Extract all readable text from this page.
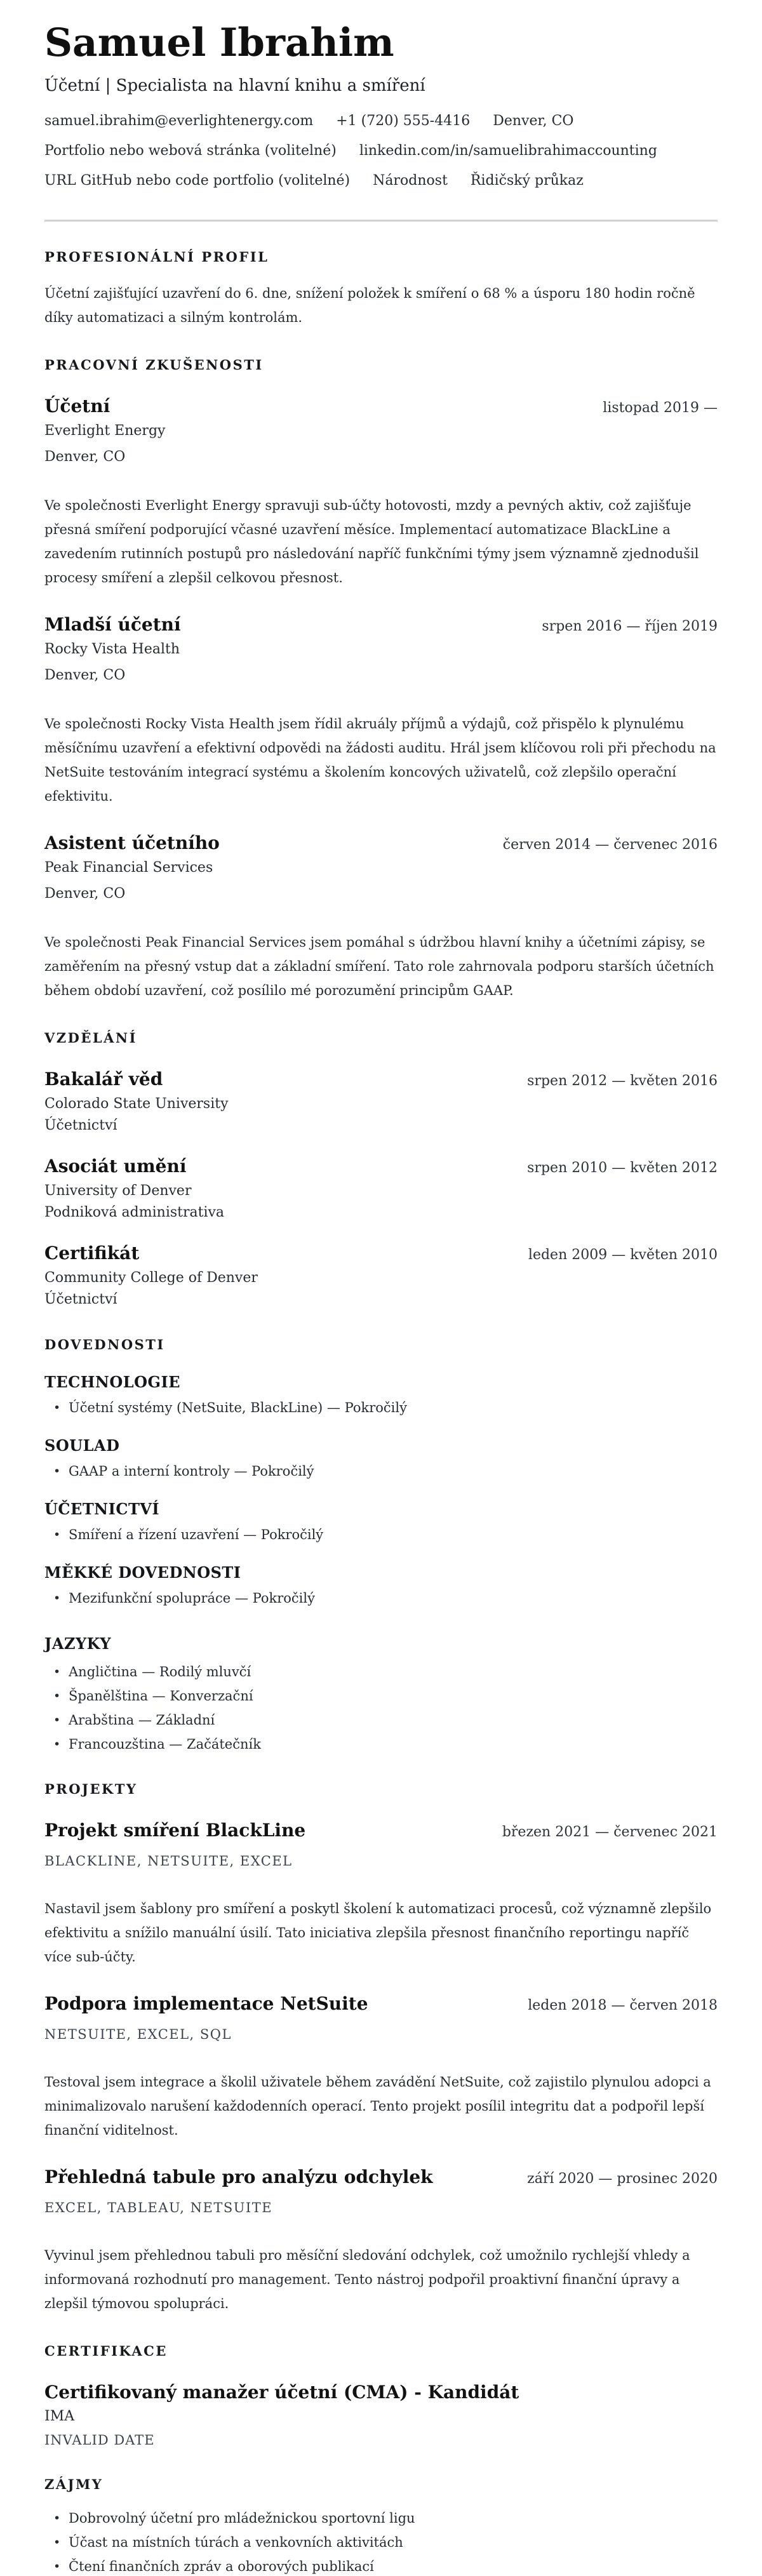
Samuel Ibrahim
Účetní | Specialista na hlavní knihu a smíření
samuel.ibrahim@everlightenergy.com +1 (720) 555-4416 Denver, CO
Portfolio nebo webová stránka (volitelné) linkedin.com/in/samuelibrahimaccounting
URL GitHub nebo code portfolio (volitelné) Národnost Řidičský průkaz
PROFESIONÁLNÍ PROFIL
Účetní zajišťující uzavření do 6. dne, snížení položek k smíření o 68 % a úsporu 180 hodin ročně díky automatizaci a silným kontrolám.
PRACOVNÍ ZKUŠENOSTI
Účetní	listopad 2019 —
Everlight Energy
Denver, CO
Ve společnosti Everlight Energy spravuji sub-účty hotovosti, mzdy a pevných aktiv, což zajišťuje přesná smíření podporující včasné uzavření měsíce. Implementací automatizace BlackLine a zavedením rutinních postupů pro následování napříč funkčními týmy jsem významně zjednodušil procesy smíření a zlepšil celkovou přesnost.
Mladší účetní	srpen 2016 — říjen 2019
Rocky Vista Health
Denver, CO
Ve společnosti Rocky Vista Health jsem řídil akruály příjmů a výdajů, což přispělo k plynulému měsíčnímu uzavření a efektivní odpovědi na žádosti auditu. Hrál jsem klíčovou roli při přechodu na NetSuite testováním integrací systému a školením koncových uživatelů, což zlepšilo operační efektivitu.
Asistent účetního	červen 2014 — červenec 2016
Peak Financial Services
Denver, CO
Ve společnosti Peak Financial Services jsem pomáhal s údržbou hlavní knihy a účetními zápisy, se zaměřením na přesný vstup dat a základní smíření. Tato role zahrnovala podporu starších účetních během období uzavření, což posílilo mé porozumění principům GAAP.
VZDĚLÁNÍ
Bakalář věd	srpen 2012 — květen 2016
Colorado State University
Účetnictví
Asociát umění	srpen 2010 — květen 2012
University of Denver
Podniková administrativa
Certifikát	leden 2009 — květen 2010
Community College of Denver
Účetnictví
DOVEDNOSTI
TECHNOLOGIE
• Účetní systémy (NetSuite, BlackLine) — Pokročilý
SOULAD
• GAAP a interní kontroly — Pokročilý
ÚČETNICTVÍ
• Smíření a řízení uzavření — Pokročilý
MĚKKÉ DOVEDNOSTI
• Mezifunkční spolupráce — Pokročilý
JAZYKY
• Angličtina — Rodilý mluvčí
• Španělština — Konverzační
• Arabština — Základní
• Francouzština — Začátečník
PROJEKTY
Projekt smíření BlackLine	březen 2021 — červenec 2021
BLACKLINE, NETSUITE, EXCEL
Nastavil jsem šablony pro smíření a poskytl školení k automatizaci procesů, což významně zlepšilo efektivitu a snížilo manuální úsilí. Tato iniciativa zlepšila přesnost finančního reportingu napříč více sub-účty.
Podpora implementace NetSuite	leden 2018 — červen 2018
NETSUITE, EXCEL, SQL
Testoval jsem integrace a školil uživatele během zavádění NetSuite, což zajistilo plynulou adopci a minimalizovalo narušení každodenních operací. Tento projekt posílil integritu dat a podpořil lepší finanční viditelnost.
Přehledná tabule pro analýzu odchylek	září 2020 — prosinec 2020
EXCEL, TABLEAU, NETSUITE
Vyvinul jsem přehlednou tabuli pro měsíční sledování odchylek, což umožnilo rychlejší vhledy a informovaná rozhodnutí pro management. Tento nástroj podpořil proaktivní finanční úpravy a zlepšil týmovou spolupráci.
CERTIFIKACE
Certifikovaný manažer účetní (CMA) - Kandidát
IMA
INVALID DATE
ZÁJMY
• Dobrovolný účetní pro mládežnickou sportovní ligu
• Účast na místních túrách a venkovních aktivitách
• Čtení finančních zpráv a oborových publikací
